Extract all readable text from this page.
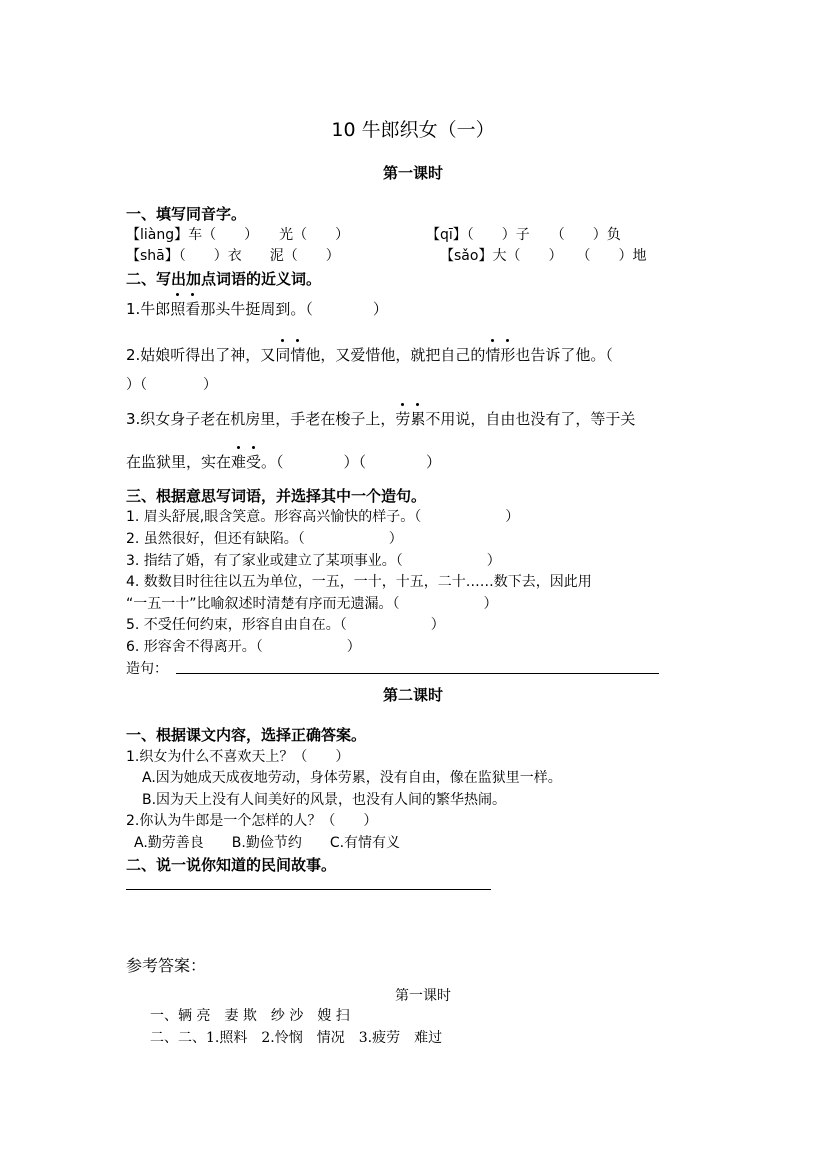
10 牛郎织女（一）
第一课时
一、填写同音字。
【liàng】车（　　）　　光（　　）	【qī】（　　）子　　（　　）负
【shā】（　　）衣　　泥（　　）	【sǎo】大（　　）　　（　　）地
二、写出加点词语的近义词。
1.牛郎照看那头牛挺周到。（　　　　）
2.姑娘听得出了神，又同情他，又爱惜他，就把自己的情形也告诉了他。（
）（　　　　）
3.织女身子老在机房里，手老在梭子上，劳累不用说，自由也没有了，等于关
在监狱里，实在难受。（　　　　）（　　　　）
三、根据意思写词语，并选择其中一个造句。
1. 眉头舒展,眼含笑意。形容高兴愉快的样子。（　　　　　　）
2. 虽然很好，但还有缺陷。（　　　　　　）
3. 指结了婚，有了家业或建立了某项事业。（　　　　　　）
4. 数数目时往往以五为单位，一五，一十，十五，二十……数下去，因此用
“一五一十”比喻叙述时清楚有序而无遗漏。（　　　　　　）
5. 不受任何约束，形容自由自在。（　　　　　　）
6. 形容舍不得离开。（　　　　　　）
造句：
第二课时
一、根据课文内容，选择正确答案。
1.织女为什么不喜欢天上？（　　）
A.因为她成天成夜地劳动，身体劳累，没有自由，像在监狱里一样。
B.因为天上没有人间美好的风景，也没有人间的繁华热闹。
2.你认为牛郎是一个怎样的人？（　　）
A.勤劳善良　　B.勤俭节约　　C.有情有义
二、说一说你知道的民间故事。
参考答案：
第一课时
一、辆 亮　妻 欺　纱 沙　嫂 扫
二、二、1.照料　2.怜悯　情况　3.疲劳　难过
